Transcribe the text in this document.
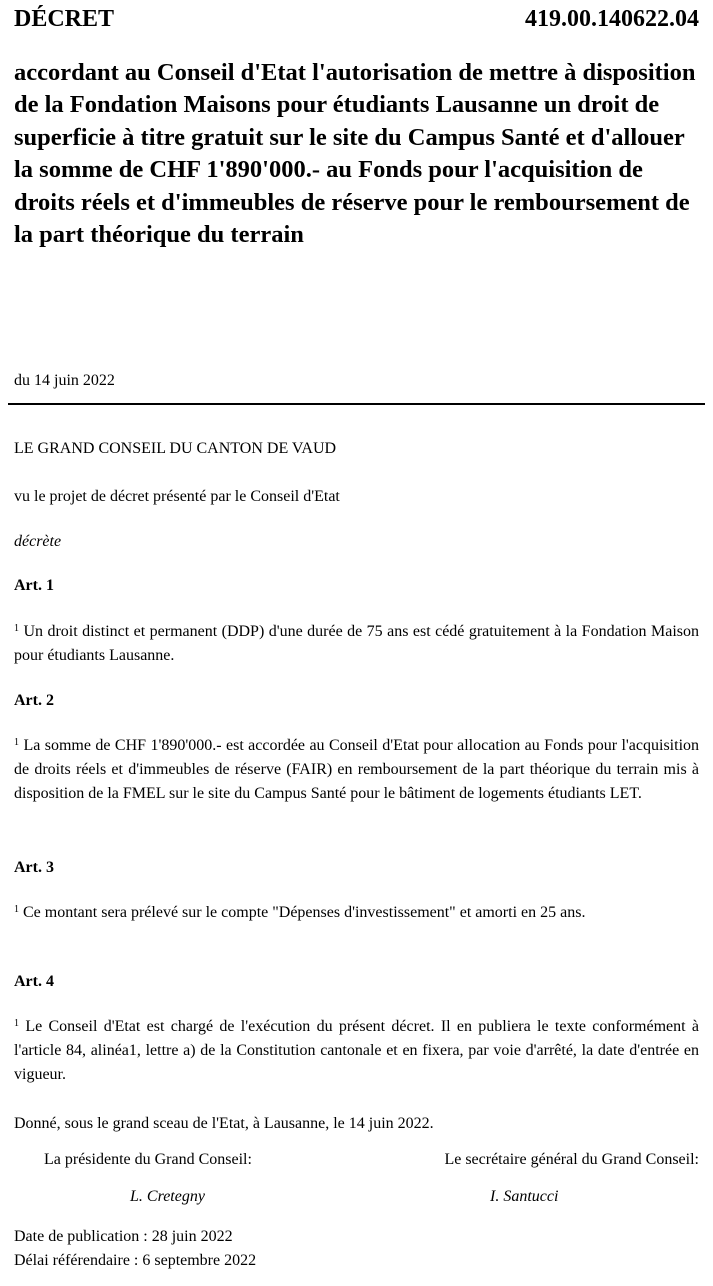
DÉCRET	419.00.140622.04
accordant au Conseil d'Etat l'autorisation de mettre à disposition de la Fondation Maisons pour étudiants Lausanne un droit de superficie à titre gratuit sur le site du Campus Santé et d'allouer la somme de CHF 1'890'000.- au Fonds pour l'acquisition de droits réels et d'immeubles de réserve pour le remboursement de la part théorique du terrain
du 14 juin 2022
LE GRAND CONSEIL DU CANTON DE VAUD
vu le projet de décret présenté par le Conseil d'Etat
décrète
Art. 1
$^1$ Un droit distinct et permanent (DDP) d'une durée de 75 ans est cédé gratuitement à la Fondation Maison pour étudiants Lausanne.
Art. 2
$^1$ La somme de CHF 1'890'000.- est accordée au Conseil d'Etat pour allocation au Fonds pour l'acquisition de droits réels et d'immeubles de réserve (FAIR) en remboursement de la part théorique du terrain mis à disposition de la FMEL sur le site du Campus Santé pour le bâtiment de logements étudiants LET.
Art. 3
$^1$ Ce montant sera prélevé sur le compte "Dépenses d'investissement" et amorti en 25 ans.
Art. 4
$^1$ Le Conseil d'Etat est chargé de l'exécution du présent décret. Il en publiera le texte conformément à l'article 84, alinéa1, lettre a) de la Constitution cantonale et en fixera, par voie d'arrêté, la date d'entrée en vigueur.
Donné, sous le grand sceau de l'Etat, à Lausanne, le 14 juin 2022.
La présidente du Grand Conseil:	Le secrétaire général du Grand Conseil:
L. Cretegny	I. Santucci
Date de publication : 28 juin 2022
Délai référendaire : 6 septembre 2022
